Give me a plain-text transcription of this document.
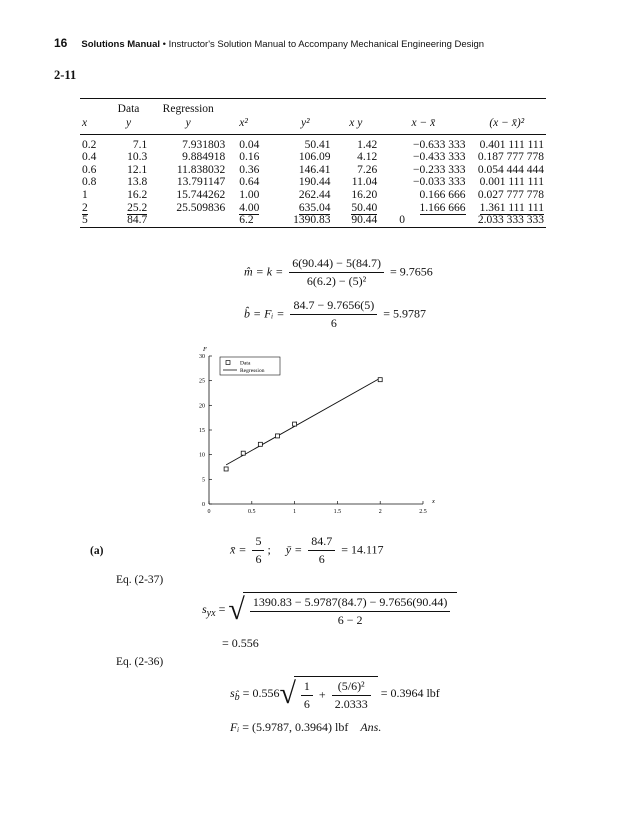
16 Solutions Manual • Instructor's Solution Manual to Accompany Mechanical Engineering Design
2-11
	Data	Regression					
x	y	y	x²	y²	x y	x − x̄	(x − x̄)²
0.2	7.1	7.931803	0.04	50.41	1.42	−0.633 333	0.401 111 111
0.4	10.3	9.884918	0.16	106.09	4.12	−0.433 333	0.187 777 778
0.6	12.1	11.838032	0.36	146.41	7.26	−0.233 333	0.054 444 444
0.8	13.8	13.791147	0.64	190.44	11.04	−0.033 333	0.001 111 111
1	16.2	15.744262	1.00	262.44	16.20	0.166 666	0.027 777 778
2	25.2	25.509836	4.00	635.04	50.40	1.166 666	1.361 111 111
5	84.7		6.2	1390.83	90.44	0	2.033 333 333
m̂ = $k = \frac{6(90.44) - 5(84.7)}{\text{6(6.2) − (5)²}} = 9.7656$
b̂ = Fᵢ = $\frac{84.7 - 9.7656(5)}{6} = 5.9787$
0	0.5	1	1.5	2	2.5
0
5
10
15
20
25
30
F
x
Data
Regression
(a)	x̄ = $\frac{5}{6}$ ; ȳ = $\frac{84.7}{6} = 14.117$
Eq. (2-37)
$s_{yx}$ = √ $\frac{1390.83 - 5.9787(84.7) - 9.7656(90.44)}{6 - 2}$
= 0.556
Eq. (2-36)
$s_{b̂} = 0.556√ \frac{1}{6} + \frac{\text{(5/6)²}}{2.0333} = 0.3964$ lbf
Fᵢ = (5.9787, 0.3964) lbf Ans.
